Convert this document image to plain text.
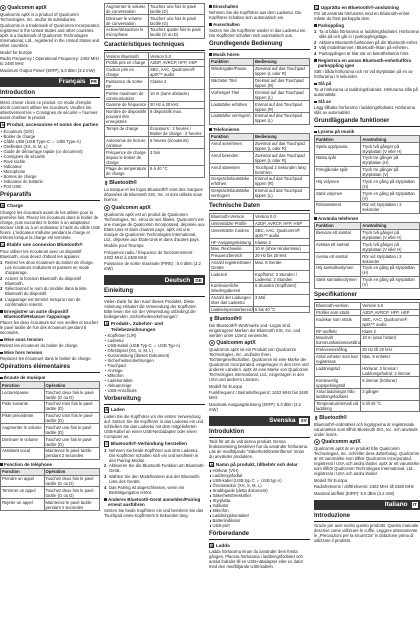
Qualcomm aptX

Qualcomm aptX is a product of Qualcomm Technologies, Inc. and/or its subsidiaries.

Qualcomm is a trademark of Qualcomm Incorporated, registered in the United States and other countries. aptX is a trademark of Qualcomm Technologies International, Ltd., registered in the United States and other countries.

Model for Europe

Radio Frequency / Operational Frequency: 2402 MHz to 2480 MHz

Maximum Output Power (EIRP): 5.0 dBm (3.2 mW)

Français FR
Introduction

Merci d'avoir choisi ce produit. Ce mode d'emploi décrit comment utiliser les écouteurs. Veuillez lire attentivement les « Consignes de sécurité » fournies avant d'utiliser le produit.

A Produit, accessoires et noms des parties
Écouteurs (G/D)
Boitier de charge
Câble USB (USB Type-C ⇔ USB Type-A)
Oreillettes (XS, S, M, L)
Guide de démarrage rapide (ce document)
Consignes de sécurité
Pavé tactile
Indicateur
Microphone
Bornes de charge
Indicateur de batterie
Port USB
Préparatifs
B Charge

Chargez les écouteurs avant de les utiliser pour la première fois. Placez les écouteurs dans le boitier de charge, puis raccordez le boitier à un adaptateur secteur USB ou à un ordinateur à l'aide du câble USB fourni. L'indicateur s'allume pendant la charge et s'éteint lorsque la charge est terminée.

C Établir une connexion Bluetooth®

Pour utiliser les écouteurs avec un dispositif Bluetooth, vous devez d'abord les appairer.

1 Retirez les deux écouteurs du boitier de charge. Les écouteurs s'allument et passent en mode d'appairage.
2 Activez la fonction Bluetooth du dispositif Bluetooth.
3 Sélectionnez le nom du modèle dans la liste Bluetooth du dispositif.
4 L'appairage est terminé lorsqu'un son de confirmation retentit.
Enregistrer un autre dispositif Bluetooth/Relancer l'appairage

Placez les deux écouteurs sur vos oreilles et touchez le pavé tactile de l'un des écouteurs pendant 5 secondes.

Mise sous tension

Retirez les écouteurs du boitier de charge.

Mise hors tension

Replacez les écouteurs dans le boitier de charge.

Opérations élémentaires
Écoute de musique
Fonction	Opération
Lecture/pause	Touchez deux fois le pavé tactile (G ou D)
Piste suivante	Touchez trois fois le pavé tactile (D)
Piste précédente	Touchez trois fois le pavé tactile (G)
Augmenter le volume	Touchez une fois le pavé tactile (D)
Diminuer le volume	Touchez une fois le pavé tactile (G)
Assistant vocal	Maintenez le pavé tactile pendant 2 secondes
Fonction de téléphone
Fonction	Opération
Prendre un appel	Touchez deux fois le pavé tactile (G ou D)
Terminer un appel	Touchez deux fois le pavé tactile (G ou D)
Rejeter un appel	Maintenez le pavé tactile pendant 2 secondes
Augmenter le volume de conversation	Touchez une fois le pavé tactile (D)
Diminuer le volume de conversation	Touchez une fois le pavé tactile (G)
Activer/désactiver le microphone	Touchez quatre fois le pavé tactile (G ou D)
Caractéristiques techniques
Version Bluetooth	Version 5.0
Profils pris en charge	A2DP, AVRCP, HFP, HSP
Codecs pris en charge	SBC, AAC, Qualcomm® aptX™ audio
Puissance de sortie RF	Classe 2
Portée maximum de communication	10 m (sans obstacle)
Gamme de fréquence	20 Hz à 20 kHz
Nombre de dispositifs pouvant être enregistrés	8 dispositifs max.
Temps de charge	Écouteurs : 2 heures / Boitier de charge : 2 heures
Autonomie de lecture continue	6 heures (écouteurs)
Fréquence de charge depuis le boitier de charge	3 fois
Plage de température de charge	5 à 40 °C
Bluetooth®

La marque et les logos Bluetooth® sont des marques déposées de Bluetooth SIG, Inc. et sont utilisés sous licence.

Qualcomm aptX

Qualcomm aptX est un produit de Qualcomm Technologies, Inc. et/ou de ses filiales. Qualcomm est une marque de Qualcomm Incorporated, déposée aux États-Unis et dans d'autres pays. aptX est une marque de Qualcomm Technologies International, Ltd., déposée aux États-Unis et dans d'autres pays.

Modèle pour l'Europe

Fréquence radio / fréquence de fonctionnement : 2402 MHz à 2480 MHz

Puissance de sortie maximale (PIRE) : 5.0 dBm (3.2 mW)

Deutsch DE
Einleitung

Vielen Dank für den Kauf dieses Produkts. Diese Anleitung erläutert die Verwendung der Kopfhörer. Bitte lesen Sie vor der Verwendung unbedingt die beiliegenden „Sicherheitsvorkehrungen“.

A Produkt-, Zubehör- und Teilebezeichnungen
Kopfhörer (L/R)
Ladeetui
USB-Kabel (USB Typ-C ⇔ USB Typ-A)
Ohrstöpsel (XS, S, M, L)
Kurzanleitung (dieses Dokument)
Sicherheitsvorkehrungen
Touchpad
Anzeige
Mikrofon
Ladekontakte
Akkuanzeige
USB-Anschluss
Vorbereitung
B Laden

Laden Sie die Kopfhörer vor der ersten Verwendung auf. Setzen Sie die Kopfhörer in das Ladeetui ein und schließen Sie das Ladeetui mit dem mitgelieferten USB-Kabel an einen USB-Netzadapter oder einen Computer an.

C Bluetooth®-Verbindung herstellen
1 Nehmen Sie beide Kopfhörer aus dem Ladeetui. Die Kopfhörer schalten sich ein und wechseln in den Pairing-Modus.
2 Aktivieren Sie die Bluetooth-Funktion am Bluetooth-Gerät.
3 Wählen Sie den Modellnamen aus der Bluetooth-Liste des Geräts.
4 Das Pairing ist abgeschlossen, wenn ein Bestätigungston ertönt.
Anderes Bluetooth-Gerät anmelden/Pairing erneut ausführen

Setzen Sie beide Kopfhörer ein und berühren Sie das Touchpad eines Kopfhörers 5 Sekunden lang.

Einschalten

Nehmen Sie die Kopfhörer aus dem Ladeetui. Die Kopfhörer schalten sich automatisch ein.

Ausschalten

Setzen Sie die Kopfhörer wieder in das Ladeetui ein. Die Kopfhörer schalten sich automatisch aus.

Grundlegende Bedienung
Musik hören
Funktion	Bedienung
Wiedergabe/Pause	Zweimal auf das Touchpad tippen (L oder R)
Nächster Titel	Dreimal auf das Touchpad tippen (R)
Vorheriger Titel	Dreimal auf das Touchpad tippen (L)
Lautstärke erhöhen	Einmal auf das Touchpad tippen (R)
Lautstärke verringern	Einmal auf das Touchpad tippen (L)
Telefonieren
Funktion	Bedienung
Anruf annehmen	Zweimal auf das Touchpad tippen (L oder R)
Anruf beenden	Zweimal auf das Touchpad tippen (L oder R)
Anruf abweisen	Touchpad 2 Sekunden lang berühren
Gesprächslautstärke erhöhen	Einmal auf das Touchpad tippen (R)
Gesprächslautstärke verringern	Einmal auf das Touchpad tippen (L)
Technische Daten
Bluetooth-Version	Version 5.0
Unterstützte Profile	A2DP, AVRCP, HFP, HSP
Unterstützte Codecs	SBC, AAC, Qualcomm® aptX™ audio
HF-Ausgangsleistung	Klasse 2
Max. Reichweite	10 m (ohne Hindernisse)
Frequenzbereich	20 Hz bis 20 kHz
Anzahl registrierbarer Geräte	Max. 8 Geräte
Ladezeit	Kopfhörer: 2 Stunden / Ladeetui: 2 Stunden
Kontinuierliche Wiedergabezeit	6 Stunden (Kopfhörer)
Anzahl der Ladungen über das Ladeetui	3 Mal
Ladetemperaturbereich	5 bis 40 °C
Bluetooth®

Die Bluetooth®-Wortmarke und -Logos sind eingetragene Marken der Bluetooth SIG, Inc. und werden unter Lizenz verwendet.

Qualcomm aptX

Qualcomm aptX ist ein Produkt von Qualcomm Technologies, Inc. und/oder ihren Tochtergesellschaften. Qualcomm ist eine Marke der Qualcomm Incorporated, eingetragen in den USA und anderen Ländern. aptX ist eine Marke von Qualcomm Technologies International, Ltd., eingetragen in den USA und anderen Ländern.

Modell für Europa

Funkfrequenz / Betriebsfrequenz: 2402 MHz bis 2480 MHz

Maximale Ausgangsleistung (EIRP): 5.0 dBm (3.2 mW)

Svenska SV
Introduktion

Tack för att du valt denna produkt. Denna bruksanvisning beskriver hur du använder hörlurarna. Läs de medföljande ”Säkerhetsföreskrifterna” innan du använder produkten.

A Namn på produkt, tillbehör och delar
Hörlurar (V/H)
Laddningsfodral
USB-kabel (USB typ C ⇔ USB typ A)
Öronsnäckor (XS, S, M, L)
Snabbguide (detta dokument)
Säkerhetsföreskrifter
Styrplatta
Indikator
Mikrofon
Laddningskontakter
Batteriindikator
USB-port
Förberedande
B Ladda

Ladda hörlurarna innan du använder dem första gången. Placera hörlurarna i laddningsfodralet och anslut fodralet till en USB-nätadapter eller en dator med den medföljande USB-kabeln.

C Upprätta en Bluetooth®-anslutning

För att använda hörlurarna med en Bluetooth-enhet måste du först parkoppla dem.

Parkoppling
1 Ta ut båda hörlurarna ur laddningsfodralet. Hörlurarna slås på och går in i parkopplingsläge.
2 Aktivera Bluetooth-funktionen på din Bluetooth-enhet.
3 Välj modellnamnet i Bluetooth-listan på enheten.
4 Parkopplingen är klar när en bekräftelseton hörs.
Registrera en annan Bluetooth-enhet/utföra parkoppling igen

Sätt i båda hörlurarna och rör vid styrplattan på en av hörlurarna i 5 sekunder.

Slå på

Ta ut hörlurarna ur laddningsfodralet. Hörlurarna slås på automatiskt.

Slå av

Lägg tillbaka hörlurarna i laddningsfodralet. Hörlurarna slås av automatiskt.

Grundläggande funktioner
Lyssna på musik
Funktion	Användning
Spela upp/pausa	Tryck två gånger på styrplattan (V eller H)
Nästa spår	Tryck tre gånger på styrplattan (H)
Föregående spår	Tryck tre gånger på styrplattan (V)
Höj volymen	Tryck en gång på styrplattan (H)
Sänk volymen	Tryck en gång på styrplattan (V)
Röstassistent	Rör vid styrplattan i 2 sekunder
Använda telefonen
Funktion	Användning
Besvara ett samtal	Tryck två gånger på styrplattan (V eller H)
Avsluta ett samtal	Tryck två gånger på styrplattan (V eller H)
Avvisa ett samtal	Rör vid styrplattan i 2 sekunder
Höj samtalsvolymen	Tryck en gång på styrplattan (H)
Sänk samtalsvolymen	Tryck en gång på styrplattan (V)
Specifikationer
Bluetooth-version	Version 5.0
Profiler som stöds	A2DP, AVRCP, HFP, HSP
Kodekar som stöds	SBC, AAC, Qualcomm® aptX™ audio
RF-uteffekt	Klass 2
Maximalt kommunikationsavstånd	10 m (utan hinder)
Frekvensomfång	20 Hz till 20 kHz
Antal enheter som kan registreras	Max. 8 enheter
Laddningstid	Hörlurar: 2 timmar / Laddningsfodral: 2 timmar
Kontinuerlig uppspelningstid	6 timmar (hörlurar)
Antal laddningar från laddningsfodralet	3 gånger
Temperaturintervall vid laddning	5 till 40 °C
Bluetooth®

Bluetooth®-ordmärket och logotyperna är registrerade varumärken som tillhör Bluetooth SIG, Inc. och används under licens.

Qualcomm aptX

Qualcomm aptX är en produkt från Qualcomm Technologies, Inc. och/eller dess dotterbolag. Qualcomm är ett varumärke som tillhör Qualcomm Incorporated, registrerat i USA och andra länder. aptX är ett varumärke som tillhör Qualcomm Technologies International, Ltd., registrerat i USA och andra länder.

Modell för Europa

Radiofrekvens / driftfrekvens: 2402 MHz till 2480 MHz

Maximal uteffekt (EIRP): 5.0 dBm (3.2 mW)

Italiano IT
Introduzione

Grazie per aver scelto questo prodotto. Questo manuale descrive come utilizzare le cuffie. Leggere attentamente le „Precauzioni per la sicurezza“ in dotazione prima di utilizzare il prodotto.
